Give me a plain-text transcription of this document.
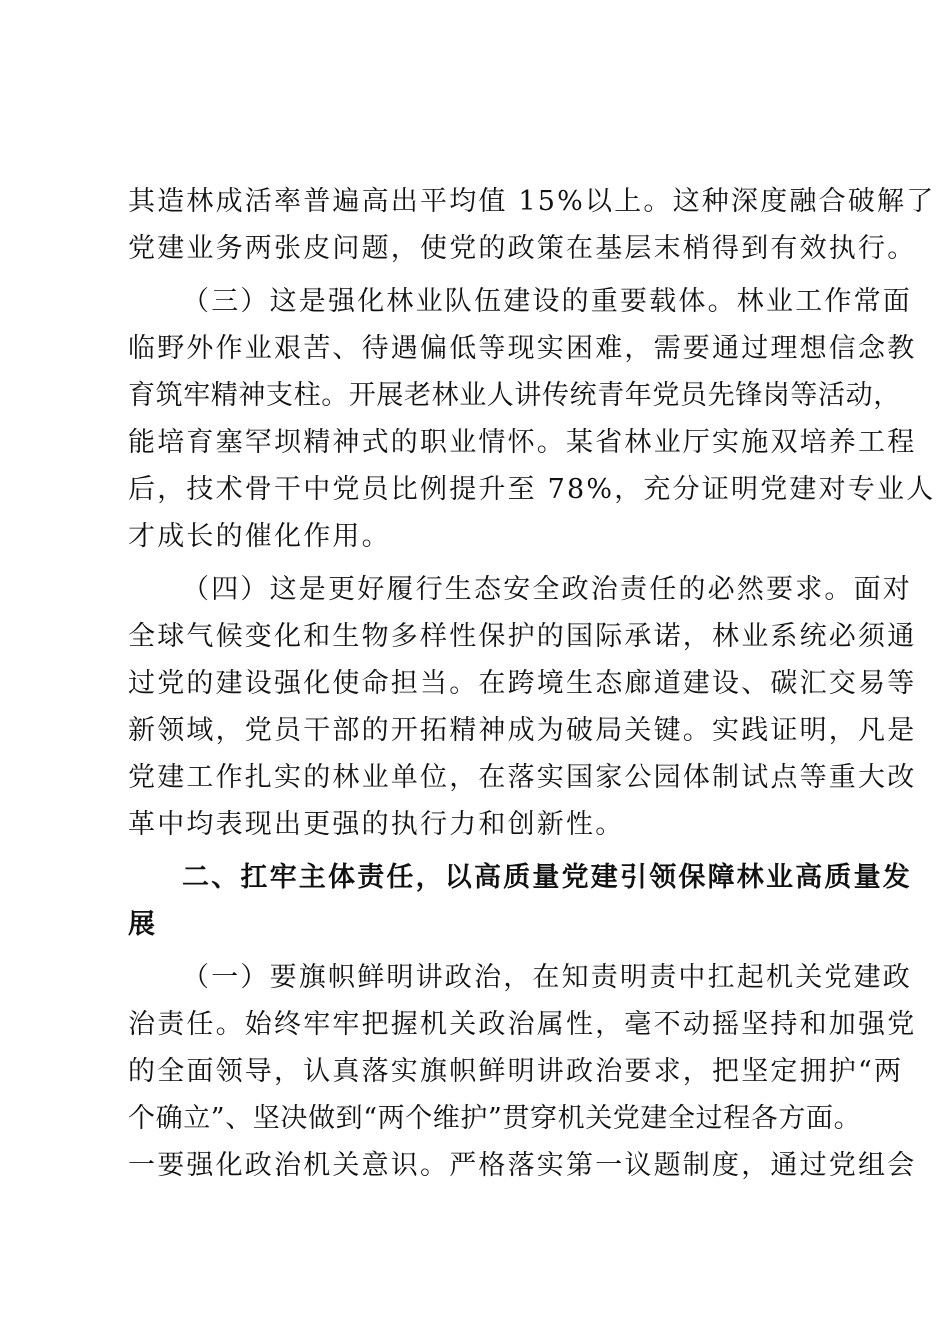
其造林成活率普遍高出平均值 15%以上。这种深度融合破解了
党建业务两张皮问题，使党的政策在基层末梢得到有效执行。

（三）这是强化林业队伍建设的重要载体。林业工作常面
临野外作业艰苦、待遇偏低等现实困难，需要通过理想信念教
育筑牢精神支柱。开展老林业人讲传统青年党员先锋岗等活动，
能培育塞罕坝精神式的职业情怀。某省林业厅实施双培养工程
后，技术骨干中党员比例提升至 78%，充分证明党建对专业人
才成长的催化作用。

（四）这是更好履行生态安全政治责任的必然要求。面对
全球气候变化和生物多样性保护的国际承诺，林业系统必须通
过党的建设强化使命担当。在跨境生态廊道建设、碳汇交易等
新领域，党员干部的开拓精神成为破局关键。实践证明，凡是
党建工作扎实的林业单位，在落实国家公园体制试点等重大改
革中均表现出更强的执行力和创新性。

二、扛牢主体责任，以高质量党建引领保障林业高质量发
展

（一）要旗帜鲜明讲政治，在知责明责中扛起机关党建政
治责任。始终牢牢把握机关政治属性，毫不动摇坚持和加强党
的全面领导，认真落实旗帜鲜明讲政治要求，把坚定拥护“两
个确立”、坚决做到“两个维护”贯穿机关党建全过程各方面。
一要强化政治机关意识。严格落实第一议题制度，通过党组会
